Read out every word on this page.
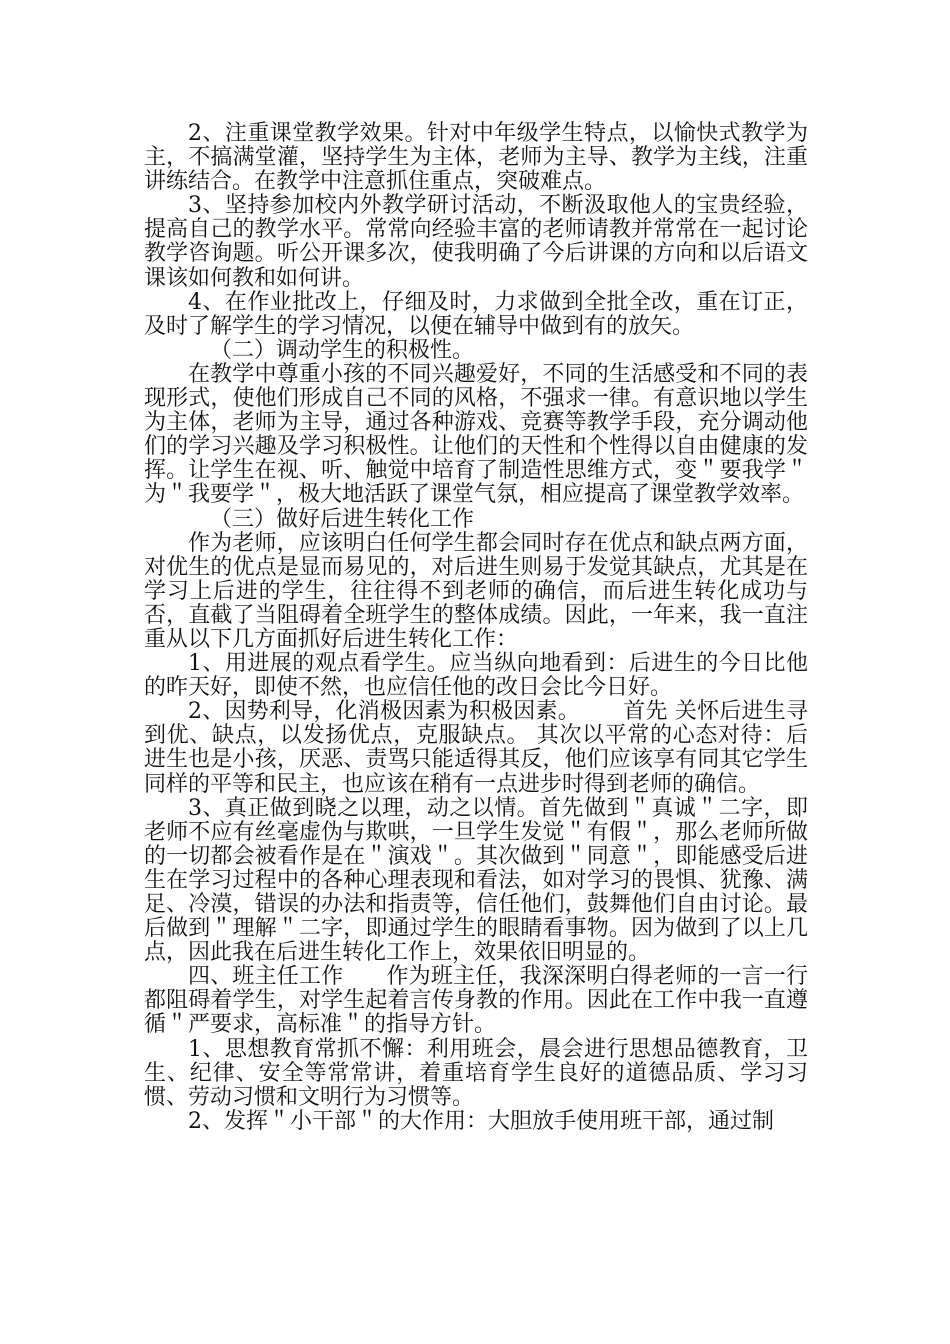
2、注重课堂教学效果。针对中年级学生特点，以愉快式教学为主，不搞满堂灌，坚持学生为主体，老师为主导、教学为主线，注重讲练结合。在教学中注意抓住重点，突破难点。

3、坚持参加校内外教学研讨活动，不断汲取他人的宝贵经验，提高自己的教学水平。常常向经验丰富的老师请教并常常在一起讨论教学咨询题。听公开课多次，使我明确了今后讲课的方向和以后语文课该如何教和如何讲。

4、在作业批改上，仔细及时，力求做到全批全改，重在订正，及时了解学生的学习情况，以便在辅导中做到有的放矢。

（二）调动学生的积极性。

在教学中尊重小孩的不同兴趣爱好，不同的生活感受和不同的表现形式，使他们形成自己不同的风格，不强求一律。有意识地以学生为主体，老师为主导，通过各种游戏、竞赛等教学手段，充分调动他们的学习兴趣及学习积极性。让他们的天性和个性得以自由健康的发挥。让学生在视、听、触觉中培育了制造性思维方式，变＂要我学＂为＂我要学＂，极大地活跃了课堂气氛，相应提高了课堂教学效率。

（三）做好后进生转化工作

作为老师，应该明白任何学生都会同时存在优点和缺点两方面，对优生的优点是显而易见的，对后进生则易于发觉其缺点，尤其是在学习上后进的学生，往往得不到老师的确信，而后进生转化成功与否，直截了当阻碍着全班学生的整体成绩。因此，一年来，我一直注重从以下几方面抓好后进生转化工作：

1、用进展的观点看学生。应当纵向地看到：后进生的今日比他的昨天好，即使不然，也应信任他的改日会比今日好。

2、因势利导，化消极因素为积极因素。      首先 关怀后进生寻到优、缺点，以发扬优点，克服缺点。 其次以平常的心态对待：后进生也是小孩，厌恶、责骂只能适得其反，他们应该享有同其它学生同样的平等和民主，也应该在稍有一点进步时得到老师的确信。

3、真正做到晓之以理，动之以情。首先做到＂真诚＂二字，即老师不应有丝毫虚伪与欺哄，一旦学生发觉＂有假＂，那么老师所做的一切都会被看作是在＂演戏＂。其次做到＂同意＂，即能感受后进生在学习过程中的各种心理表现和看法，如对学习的畏惧、犹豫、满足、冷漠，错误的办法和指责等，信任他们，鼓舞他们自由讨论。最后做到＂理解＂二字，即通过学生的眼睛看事物。因为做到了以上几点，因此我在后进生转化工作上，效果依旧明显的。

四、班主任工作      作为班主任，我深深明白得老师的一言一行都阻碍着学生，对学生起着言传身教的作用。因此在工作中我一直遵循＂严要求，高标准＂的指导方针。

1、思想教育常抓不懈：利用班会，晨会进行思想品德教育，卫生、纪律、安全等常常讲，着重培育学生良好的道德品质、学习习惯、劳动习惯和文明行为习惯等。

2、发挥＂小干部＂的大作用：大胆放手使用班干部，通过制
